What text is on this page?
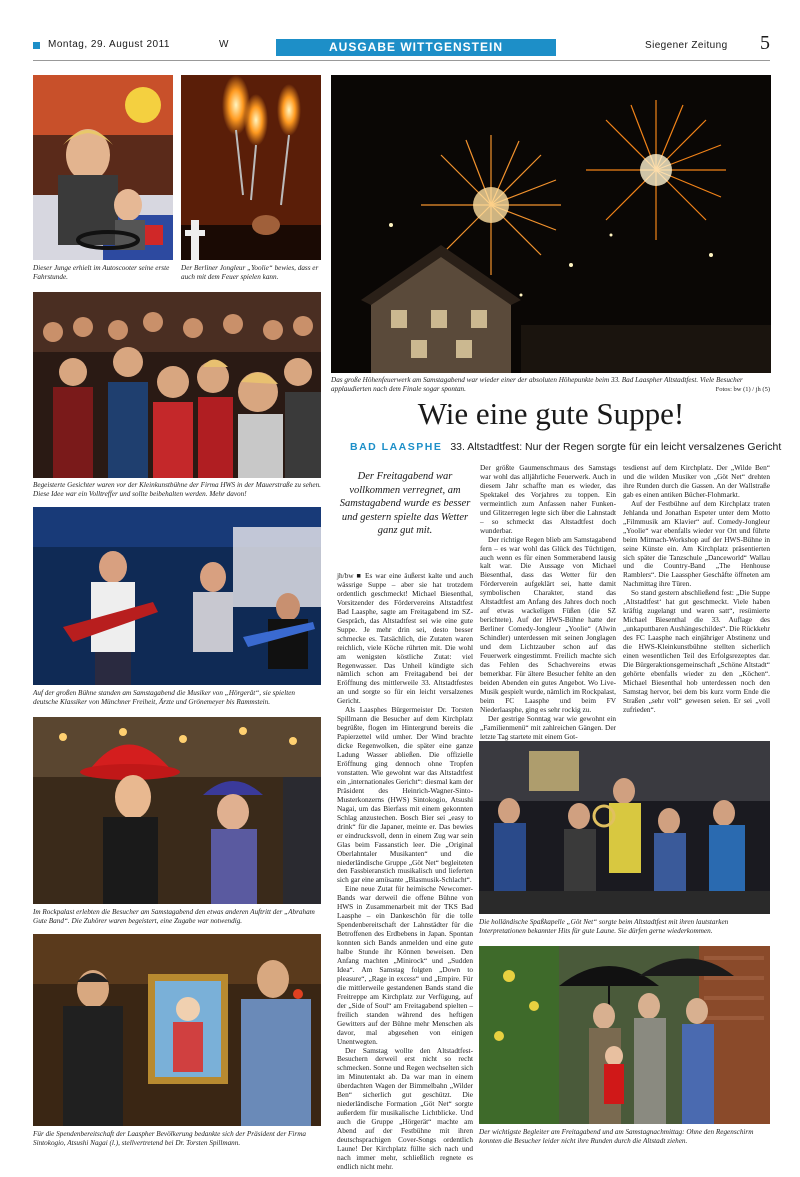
Montag, 29. August 2011	W	AUSGABE WITTGENSTEIN	Siegener Zeitung 5
Dieser Junge erhielt im Autoscooter seine erste Fahrstunde.
Der Berliner Jongleur „Yoolie“ bewies, dass er auch mit dem Feuer spielen kann.
Begeisterte Gesichter waren vor der Kleinkunstbühne der Firma HWS in der Mauerstraße zu sehen. Diese Idee war ein Volltreffer und sollte beibehalten werden. Mehr davon!
Auf der großen Bühne standen am Samstagabend die Musiker von „Hörgerät“, sie spielten deutsche Klassiker von Münchner Freiheit, Ärzte und Grönemeyer bis Rammstein.
Im Rockpalast erlebten die Besucher am Samstagabend den etwas anderen Auftritt der „Abraham Gute Band“. Die Zuhörer waren begeistert, eine Zugabe war notwendig.
Für die Spendenbereitschaft der Laaspher Bevölkerung bedankte sich der Präsident der Firma Sintokogio, Atsushi Nagai (l.), stellvertretend bei Dr. Torsten Spillmann.
Das große Höhenfeuerwerk am Samstagabend war wieder einer der absoluten Höhepunkte beim 33. Bad Laaspher Altstadtfest. Viele Besucher applaudierten nach dem Finale sogar spontan.	Fotos: bw (1) / jh (5)
Wie eine gute Suppe!
BAD LAASPHE 33. Altstadtfest: Nur der Regen sorgte für ein leicht versalzenes Gericht
Der Freitagabend war vollkommen verregnet, am Samstagabend wurde es besser und gestern spielte das Wetter ganz gut mit.

jh/bw ■ Es war eine äußerst kalte und auch wässrige Suppe – aber sie hat trotzdem ordentlich geschmeckt! Michael Biesenthal, Vorsitzender des Fördervereins Altstadtfest Bad Laasphe, sagte am Freitagabend im SZ-Gespräch, das Altstadtfest sei wie eine gute Suppe. Je mehr drin sei, desto besser schmecke es. Tatsächlich, die Zutaten waren reichlich, viele Köche rührten mit. Die wohl am wenigsten köstliche Zutat: viel Regenwasser. Das Unheil kündigte sich nämlich schon am Freitagabend bei der Eröffnung des mittlerweile 33. Altstadtfestes an und sorgte so für ein leicht versalzenes Gericht.

Als Laasphes Bürgermeister Dr. Torsten Spillmann die Besucher auf dem Kirchplatz begrüßte, flogen im Hintergrund bereits die Papierzettel wild umher. Der Wind brachte dicke Regenwolken, die später eine ganze Ladung Wasser abließen. Die offizielle Eröffnung ging dennoch ohne Tropfen vonstatten. Wie gewohnt war das Altstadtfest ein „internationales Gericht“: diesmal kam der Präsident des Heinrich-Wagner-Sinto-Musterkonzerns (HWS) Sintokogio, Atsushi Nagai, um das Bierfass mit einem gekonnten Schlag anzustechen. Bosch Bier sei „easy to drink“ für die Japaner, meinte er. Das bewies er eindrucksvoll, denn in einem Zug war sein Glas beim Fassanstich leer. Die „Original Oberlahntaler Musikanten“ und die niederländische Gruppe „Göt Net“ begleiteten den Fassbieranstich musikalisch und lieferten sich gar eine amüsante „Blasmusik-Schlacht“.

Eine neue Zutat für heimische Newcomer-Bands war derweil die offene Bühne von HWS in Zusammenarbeit mit der TKS Bad Laasphe – ein Dankeschön für die tolle Spendenbereitschaft der Lahnstädter für die Betroffenen des Erdbebens in Japan. Spontan konnten sich Bands anmelden und eine gute halbe Stunde ihr Können beweisen. Den Anfang machten „Minirock“ und „Sudden Idea“. Am Samstag folgten „Down to pleasure“, „Rage in excess“ und „Empire. Für die mittlerweile gestandenen Bands stand die Freitreppe am Kirchplatz zur Verfügung, auf der „Side of Soul“ am Freitagabend spielten – freilich standen während des heftigen Gewitters auf der Bühne mehr Menschen als davor, mal abgesehen von einigen Unentwegten.

Der Samstag wollte den Altstadtfest-Besuchern derweil erst nicht so recht schmecken. Sonne und Regen wechselten sich im Minutentakt ab. Da war man in einem überdachten Wagen der Bimmelbahn „Wilder Ben“ sicherlich gut geschützt. Die niederländische Formation „Göt Net“ sorgte außerdem für musikalische Lichtblicke. Und auch die Gruppe „Hörgerät“ machte am Abend auf der Festbühne mit ihren deutschsprachigen Cover-Songs ordentlich Laune! Der Kirchplatz füllte sich nach und nach immer mehr, schließlich regnete es endlich nicht mehr.

Der größte Gaumenschmaus des Samstags war wohl das alljährliche Feuerwerk. Auch in diesem Jahr schaffte man es wieder, das Spektakel des Vorjahres zu toppen. Ein vermeintlich zum Anfassen naher Funken- und Glitzerregen legte sich über die Lahnstadt – so schmeckt das Altstadtfest doch wunderbar.

Der richtige Regen blieb am Samstagabend fern – es war wohl das Glück des Tüchtigen, auch wenn es für einen Sommerabend lausig kalt war. Die Aussage von Michael Biesenthal, dass das Wetter für den Förderverein aufgeklärt sei, hatte damit symbolischen Charakter, stand das Altstadtfest am Anfang des Jahres doch noch auf etwas wackeligen Füßen (die SZ berichtete). Auf der HWS-Bühne hatte der Berliner Comedy-Jongleur „Yoolie“ (Alwin Schindler) unterdessen mit seinen Jonglagen und dem Lichtzauber schon auf das Feuerwerk eingestimmt. Freilich machte sich das Fehlen des Schachvereins etwas bemerkbar. Für ältere Besucher fehlte an den beiden Abenden ein gutes Angebot. Wo Live-Musik gespielt wurde, nämlich im Rockpalast, beim FC Laasphe und beim FV Niederlaasphe, ging es sehr rockig zu.

Der gestrige Sonntag war wie gewohnt ein „Familienmenü“ mit zahlreichen Gängen. Der letzte Tag startete mit einem Got-

tesdienst auf dem Kirchplatz. Der „Wilde Ben“ und die wilden Musiker von „Göt Net“ drehten ihre Runden durch die Gassen. An der Wallstraße gab es einen antiken Bücher-Flohmarkt.

Auf der Festbühne auf dem Kirchplatz traten Jehlanda und Jonathan Espeter unter dem Motto „Filmmusik am Klavier“ auf. Comedy-Jongleur „Yoolie“ war ebenfalls wieder vor Ort und führte beim Mitmach-Workshop auf der HWS-Bühne in seine Künste ein. Am Kirchplatz präsentierten sich später die Tanzschule „Danceworld“ Wallau und die Country-Band „The Henhouse Ramblers“. Die Laasspher Geschäfte öffneten am Nachmittag ihre Türen.

So stand gestern abschließend fest: „Die Suppe ‚Altstadtfest‘ hat gut geschmeckt. Viele haben kräftig zugelangt und waren satt“, resümierte Michael Biesenthal die 33. Auflage des „unkaputtbaren Aushängeschildes“. Die Rückkehr des FC Laasphe nach einjähriger Abstinenz und die HWS-Kleinkunstbühne stellten sicherlich einen wesentlichen Teil des Erfolgsrezeptes dar. Die Bürgeraktionsgemeinschaft „Schöne Altstadt“ gehörte ebenfalls wieder zu den „Köchen“. Michael Biesenthal hob unterdessen noch den Samstag hervor, bei dem bis kurz vorm Ende die Straßen „sehr voll“ gewesen seien. Er sei „voll zufrieden“.

Die holländische Spaßkapelle „Göt Net“ sorgte beim Altstadtfest mit ihren lautstarken Interpretationen bekannter Hits für gute Laune. Sie dürfen gerne wiederkommen.
Der wichtigste Begleiter am Freitagabend und am Samstagnachmittag: Ohne den Regenschirm konnten die Besucher leider nicht ihre Runden durch die Altstadt ziehen.
